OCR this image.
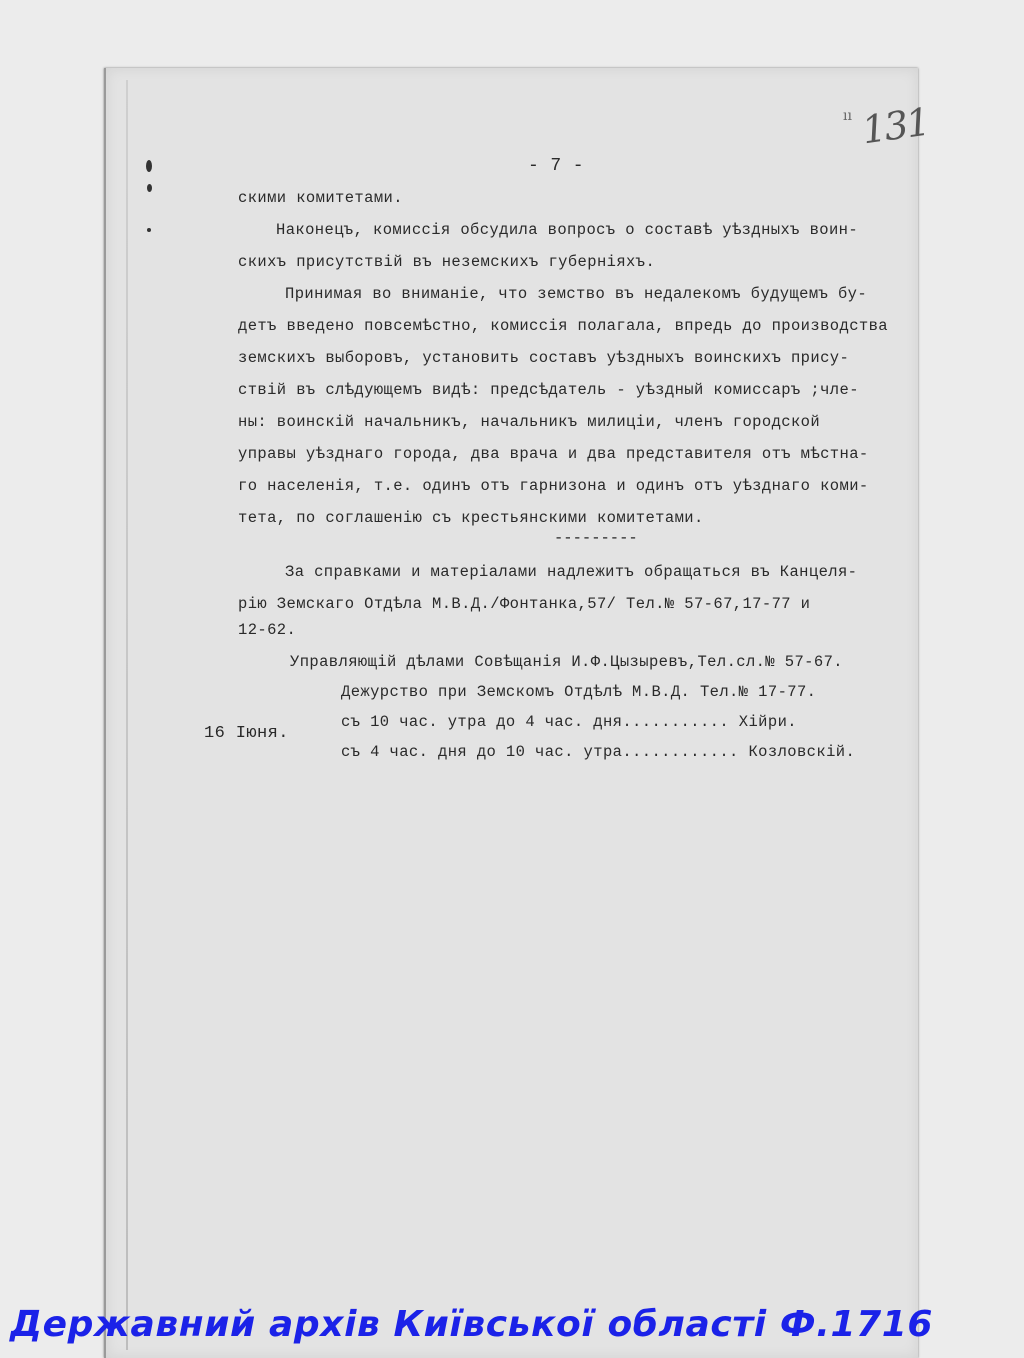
ıı 131
- 7 -
скими комитетами.
Наконецъ, комиссія обсудила вопросъ о составѣ уѣздныхъ воин-
скихъ присутствій въ неземскихъ губерніяхъ.
Принимая во вниманіе, что земство въ недалекомъ будущемъ бу-
детъ введено повсемѣстно, комиссія полагала, впредь до производства
земскихъ выборовъ, установить составъ уѣздныхъ воинскихъ прису-
ствій въ слѣдующемъ видѣ: предсѣдатель - уѣздный комиссаръ ;чле-
ны: воинскій начальникъ, начальникъ милиціи, членъ городской
управы уѣзднаго города, два врача и два представителя отъ мѣстна-
го населенія, т.е. одинъ отъ гарнизона и одинъ отъ уѣзднаго коми-
тета, по соглашенію съ крестьянскими комитетами.
---------
За справками и матеріалами надлежитъ обращаться въ Канцеля-
рію Земскаго Отдѣла М.В.Д./Фонтанка,57/ Тел.№ 57-67,17-77 и
12-62.
Управляющій дѣлами Совѣщанія И.Ф.Цызыревъ,Тел.сл.№ 57-67.
Дежурство при Земскомъ Отдѣлѣ М.В.Д. Тел.№ 17-77.
съ 10 час. утра до 4 час. дня........... Хійри.
съ 4 час. дня до 10 час. утра............ Козловскій.
16 Іюня.
Державний архів Київської області Ф.1716
